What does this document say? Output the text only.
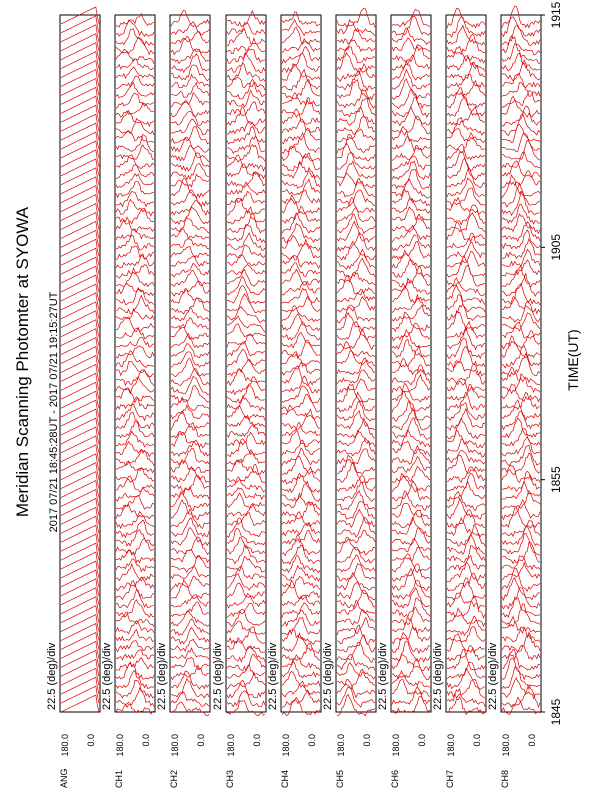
Meridian Scanning Photomter at SYOWA 2017 07/21 18:45:28UT - 2017 07/21 19:15:27UT	TIME(UT)
1845
1855
1905
1915
22.5 (deg)/div
ANG
180.0 0.0
22.5 (deg)/div
CH1
180.0 0.0
22.5 (deg)/div
CH2
180.0 0.0
22.5 (deg)/div
CH3
180.0 0.0
22.5 (deg)/div
CH4
180.0 0.0
22.5 (deg)/div
CH5
180.0 0.0
22.5 (deg)/div
CH6
180.0 0.0
22.5 (deg)/div
CH7
180.0 0.0
22.5 (deg)/div
CH8
180.0 0.0
